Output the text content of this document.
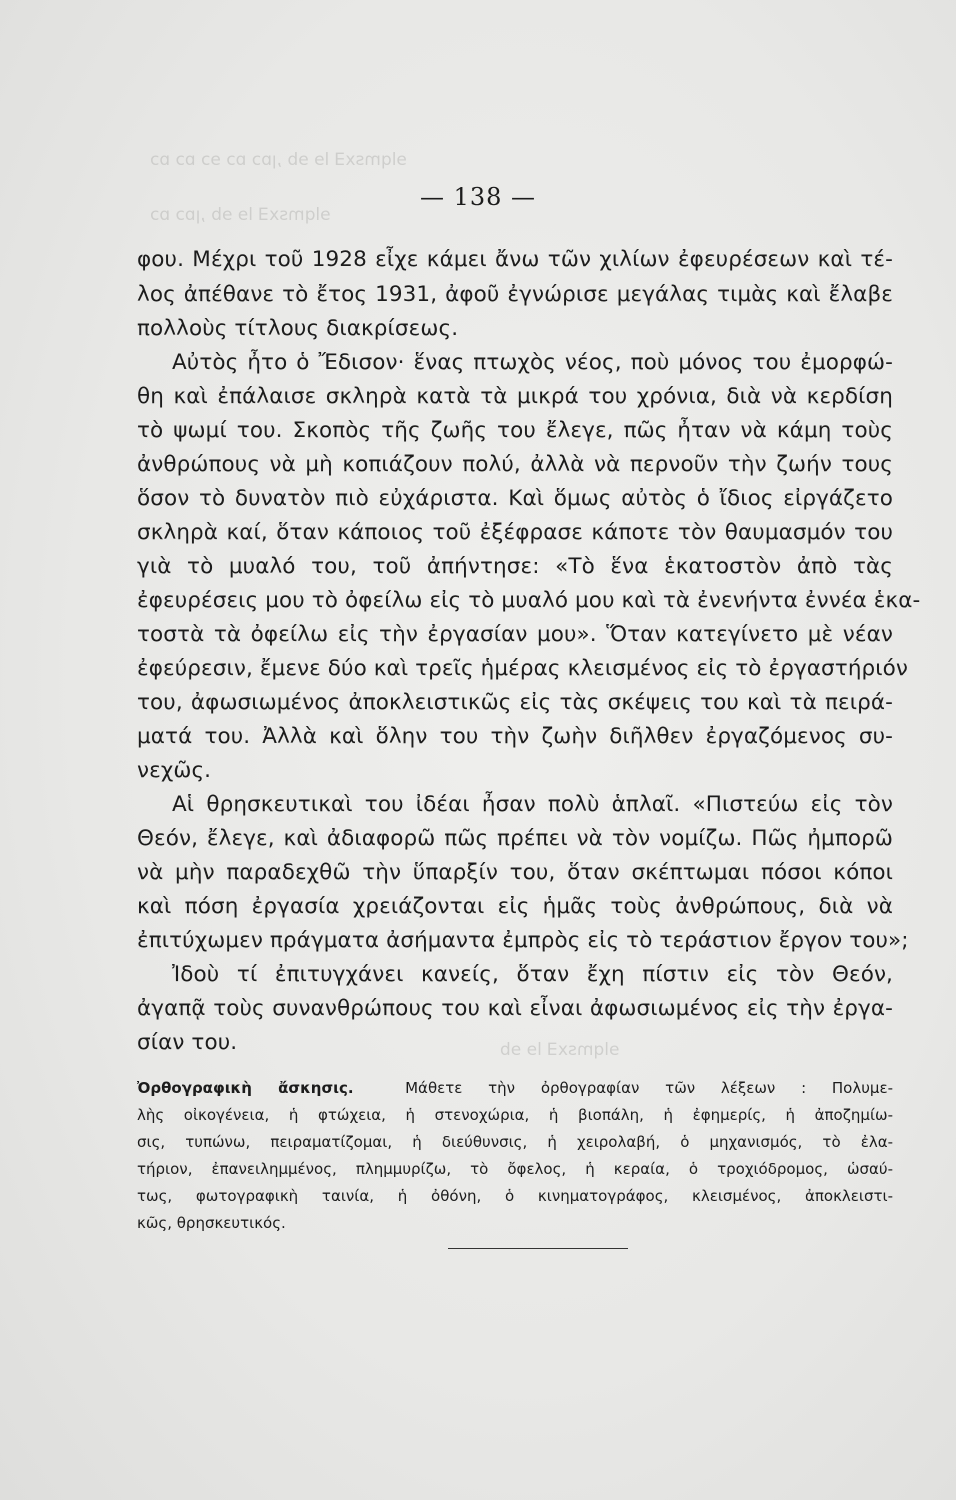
ɘlqmsx∃ lɘ ɘb ,ꞁɒɔ ɒɔ ɘɔ ɒɔ ɒɔ
ɘlqmsx∃ lɘ ɘb ,ꞁɒɔ ɒɔ
ɘlqmsx∃ lɘ ɘb
— 138 —
φου. Μέχρι τοῦ 1928 εἶχε κάμει ἄνω τῶν χιλίων ἐφευρέσεων καὶ τέ-
λος ἀπέθανε τὸ ἔτος 1931, ἀφοῦ ἐγνώρισε μεγάλας τιμὰς καὶ ἔλαβε
πολλοὺς τίτλους διακρίσεως.
Αὐτὸς ἦτο ὁ Ἔδισον· ἕνας πτωχὸς νέος, ποὺ μόνος του ἐμορφώ-
θη καὶ ἐπάλαισε σκληρὰ κατὰ τὰ μικρά του χρόνια, διὰ νὰ κερδίση
τὸ ψωμί του. Σκοπὸς τῆς ζωῆς του ἔλεγε, πῶς ἦταν νὰ κάμη τοὺς
ἀνθρώπους νὰ μὴ κοπιάζουν πολύ, ἀλλὰ νὰ περνοῦν τὴν ζωήν τους
ὅσον τὸ δυνατὸν πιὸ εὐχάριστα. Καὶ ὅμως αὐτὸς ὁ ἴδιος εἰργάζετο
σκληρὰ καί, ὅταν κάποιος τοῦ ἐξέφρασε κάποτε τὸν θαυμασμόν του
γιὰ τὸ μυαλό του, τοῦ ἀπήντησε: «Τὸ ἕνα ἑκατοστὸν ἀπὸ τὰς
ἐφευρέσεις μου τὸ ὀφείλω εἰς τὸ μυαλό μου καὶ τὰ ἐνενήντα ἐννέα ἑκα-
τοστὰ τὰ ὀφείλω εἰς τὴν ἐργασίαν μου». Ὅταν κατεγίνετο μὲ νέαν
ἐφεύρεσιν, ἔμενε δύο καὶ τρεῖς ἡμέρας κλεισμένος εἰς τὸ ἐργαστήριόν
του, ἀφωσιωμένος ἀποκλειστικῶς εἰς τὰς σκέψεις του καὶ τὰ πειρά-
ματά του. Ἀλλὰ καὶ ὅλην του τὴν ζωὴν διῆλθεν ἐργαζόμενος συ-
νεχῶς.
Αἱ θρησκευτικαὶ του ἰδέαι ἦσαν πολὺ ἁπλαῖ. «Πιστεύω εἰς τὸν
Θεόν, ἔλεγε, καὶ ἀδιαφορῶ πῶς πρέπει νὰ τὸν νομίζω. Πῶς ἠμπορῶ
νὰ μὴν παραδεχθῶ τὴν ὕπαρξίν του, ὅταν σκέπτωμαι πόσοι κόποι
καὶ πόση ἐργασία χρειάζονται εἰς ἡμᾶς τοὺς ἀνθρώπους, διὰ νὰ
ἐπιτύχωμεν πράγματα ἀσήμαντα ἐμπρὸς εἰς τὸ τεράστιον ἔργον του»;
Ἰδοὺ τί ἐπιτυγχάνει κανείς, ὅταν ἔχη πίστιν εἰς τὸν Θεόν,
ἀγαπᾷ τοὺς συνανθρώπους του καὶ εἶναι ἀφωσιωμένος εἰς τὴν ἐργα-
σίαν του.
Ὀρθογραφικὴ ἄσκησις.	Μάθετε τὴν ὀρθογραφίαν τῶν λέξεων : Πολυμε-
λὴς οἰκογένεια, ἡ φτώχεια, ἡ στενοχώρια, ἡ βιοπάλη, ἡ ἐφημερίς, ἡ ἀποζημίω-
σις, τυπώνω, πειραματίζομαι, ἡ διεύθυνσις, ἡ χειρολαβή, ὁ μηχανισμός, τὸ ἐλα-
τήριον, ἐπανειλημμένος, πλημμυρίζω, τὸ ὄφελος, ἡ κεραία, ὁ τροχιόδρομος, ὡσαύ-
τως, φωτογραφικὴ ταινία, ἡ ὀθόνη, ὁ κινηματογράφος, κλεισμένος, ἀποκλειστι-
κῶς, θρησκευτικός.
